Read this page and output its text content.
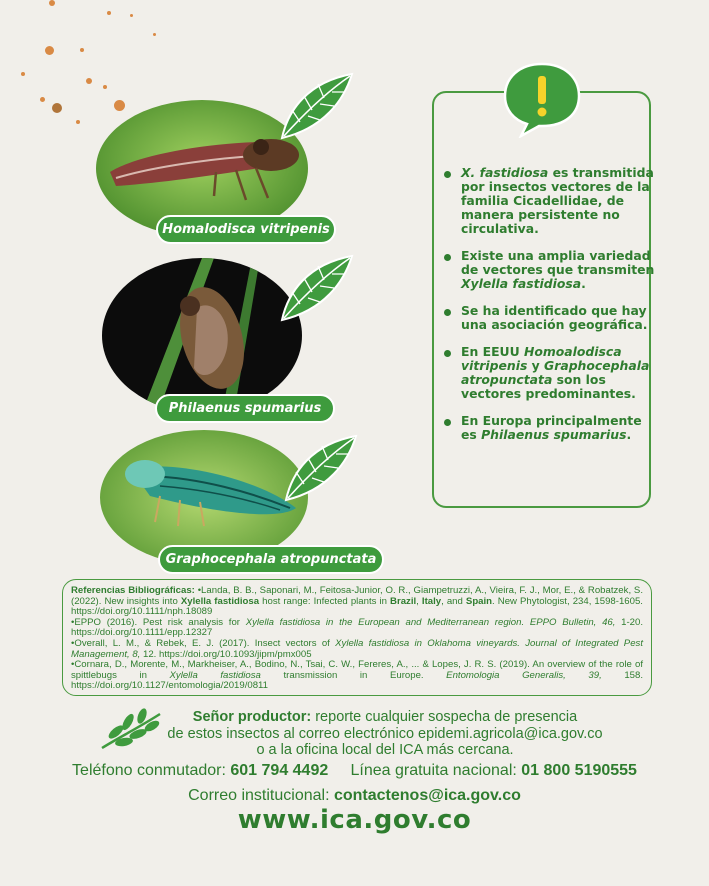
Homalodisca vitripenis
Philaenus spumarius
Graphocephala atropunctata
X. fastidiosa es transmitida por insectos vectores de la familia Cicadellidae, de manera persistente no circulativa.
Existe una amplia variedad de vectores que transmiten Xylella fastidiosa.
Se ha identificado que hay una asociación geográfica.
En EEUU Homoalodisca vitripenis y Graphocephala atropunctata son los vectores predominantes.
En Europa principalmente es Philaenus spumarius.

Referencias Bibliográficas: •Landa, B. B., Saponari, M., Feitosa-Junior, O. R., Giampetruzzi, A., Vieira, F. J., Mor, E., & Robatzek, S. (2022). New insights into Xylella fastidiosa host range: Infected plants in Brazil, Italy, and Spain. New Phytologist, 234, 1598-1605. https://doi.org/10.1111/nph.18089

•EPPO (2016). Pest risk analysis for Xylella fastidiosa in the European and Mediterranean region. EPPO Bulletin, 46, 1-20. https://doi.org/10.1111/epp.12327

•Overall, L. M., & Rebek, E. J. (2017). Insect vectors of Xylella fastidiosa in Oklahoma vineyards. Journal of Integrated Pest Management, 8, 12. https://doi.org/10.1093/jipm/pmx005

•Cornara, D., Morente, M., Markheiser, A., Bodino, N., Tsai, C. W., Fereres, A., ... & Lopes, J. R. S. (2019). An overview of the role of spittlebugs in Xylella fastidiosa transmission in Europe. Entomologia Generalis, 39, 158. https://doi.org/10.1127/entomologia/2019/0811

Señor productor: reporte cualquier sospecha de presencia
de estos insectos al correo electrónico epidemi.agricola@ica.gov.co
o a la oficina local del ICA más cercana.
Teléfono conmutador: 601 794 4492 Línea gratuita nacional: 01 800 5190555
Correo institucional: contactenos@ica.gov.co
www.ica.gov.co
